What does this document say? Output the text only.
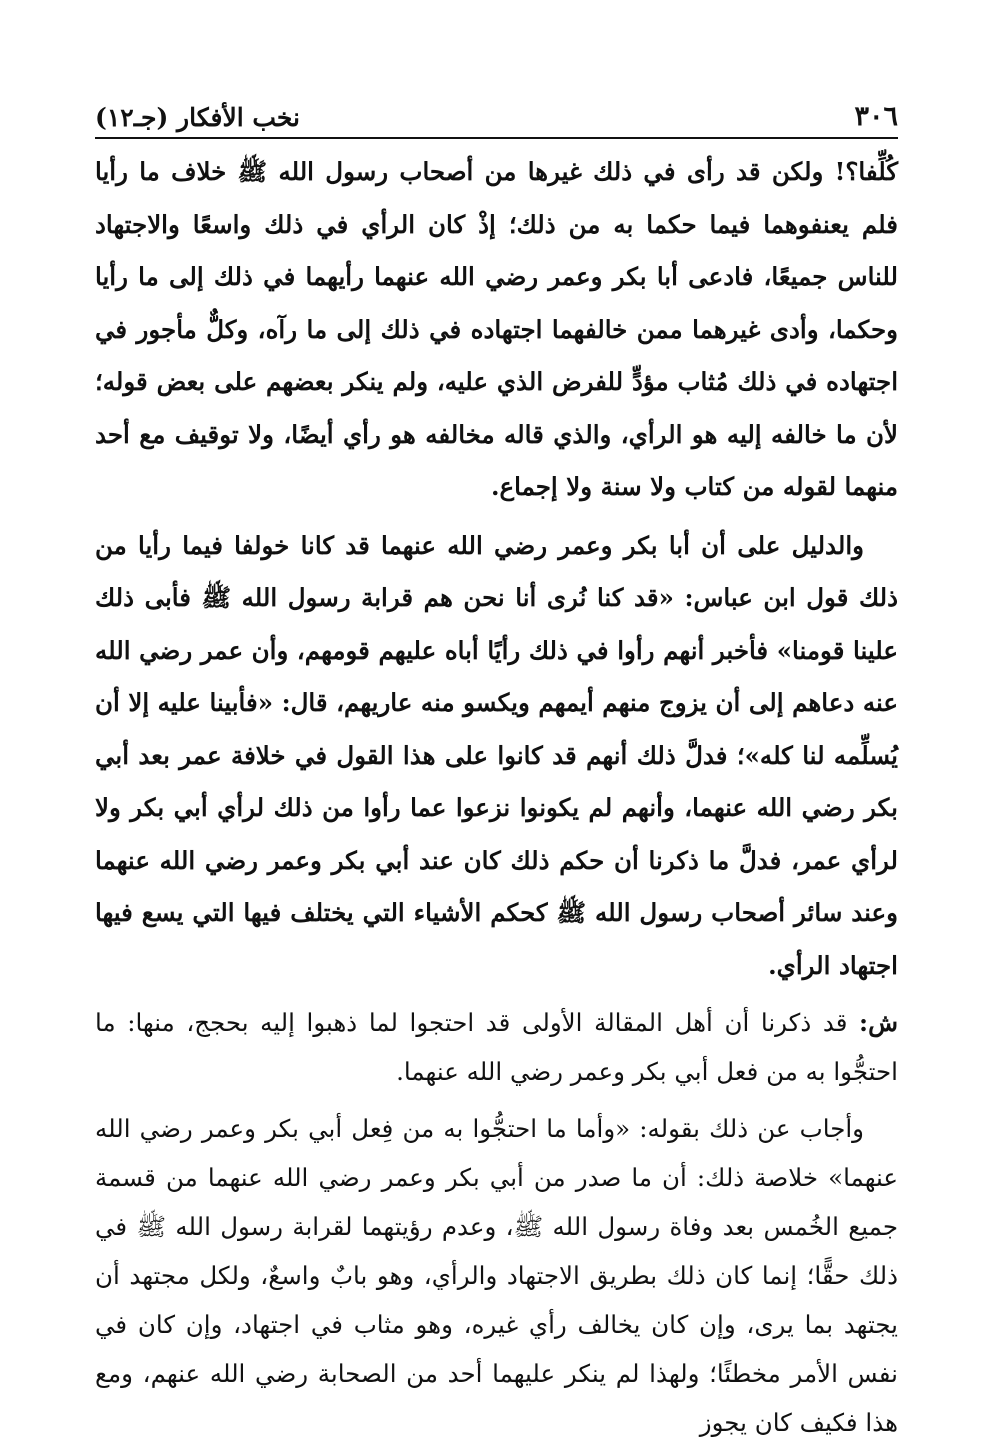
٣٠٦
نخب الأفكار (جـ١٢)

كُلِّفا؟! ولكن قد رأى في ذلك غيرها من أصحاب رسول الله ﷺ خلاف ما رأيا فلم يعنفوهما فيما حكما به من ذلك؛ إذْ كان الرأي في ذلك واسعًا والاجتهاد للناس جميعًا، فادعى أبا بكر وعمر رضي الله عنهما رأيهما في ذلك إلى ما رأيا وحكما، وأدى غيرهما ممن خالفهما اجتهاده في ذلك إلى ما رآه، وكلٌّ مأجور في اجتهاده في ذلك مُثاب مؤدٍّ للفرض الذي عليه، ولم ينكر بعضهم على بعض قوله؛ لأن ما خالفه إليه هو الرأي، والذي قاله مخالفه هو رأي أيضًا، ولا توقيف مع أحد منهما لقوله من كتاب ولا سنة ولا إجماع.

والدليل على أن أبا بكر وعمر رضي الله عنهما قد كانا خولفا فيما رأيا من ذلك قول ابن عباس: «قد كنا نُرى أنا نحن هم قرابة رسول الله ﷺ فأبى ذلك علينا قومنا» فأخبر أنهم رأوا في ذلك رأيًا أباه عليهم قومهم، وأن عمر رضي الله عنه دعاهم إلى أن يزوج منهم أيمهم ويكسو منه عاريهم، قال: «فأبينا عليه إلا أن يُسلِّمه لنا كله»؛ فدلَّ ذلك أنهم قد كانوا على هذا القول في خلافة عمر بعد أبي بكر رضي الله عنهما، وأنهم لم يكونوا نزعوا عما رأوا من ذلك لرأي أبي بكر ولا لرأي عمر، فدلَّ ما ذكرنا أن حكم ذلك كان عند أبي بكر وعمر رضي الله عنهما وعند سائر أصحاب رسول الله ﷺ كحكم الأشياء التي يختلف فيها التي يسع فيها اجتهاد الرأي.

ش: قد ذكرنا أن أهل المقالة الأولى قد احتجوا لما ذهبوا إليه بحجج، منها: ما احتجُّوا به من فعل أبي بكر وعمر رضي الله عنهما.

وأجاب عن ذلك بقوله: «وأما ما احتجُّوا به من فِعل أبي بكر وعمر رضي الله عنهما» خلاصة ذلك: أن ما صدر من أبي بكر وعمر رضي الله عنهما من قسمة جميع الخُمس بعد وفاة رسول الله ﷺ، وعدم رؤيتهما لقرابة رسول الله ﷺ في ذلك حقًّا؛ إنما كان ذلك بطريق الاجتهاد والرأي، وهو بابٌ واسعٌ، ولكل مجتهد أن يجتهد بما يرى، وإن كان يخالف رأي غيره، وهو مثاب في اجتهاد، وإن كان في نفس الأمر مخطئًا؛ ولهذا لم ينكر عليهما أحد من الصحابة رضي الله عنهم، ومع هذا فكيف كان يجوز
